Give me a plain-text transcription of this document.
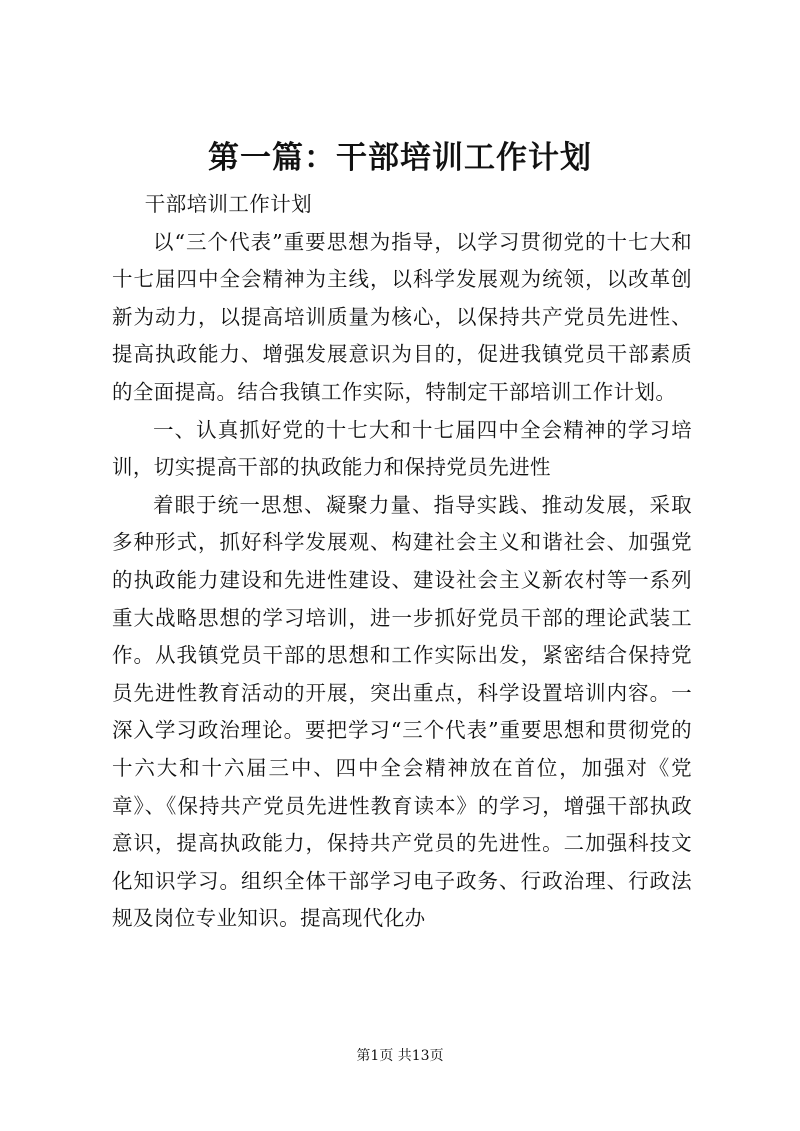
第一篇：干部培训工作计划

干部培训工作计划

以“三个代表”重要思想为指导，以学习贯彻党的十七大和十七届四中全会精神为主线，以科学发展观为统领，以改革创新为动力，以提高培训质量为核心，以保持共产党员先进性、提高执政能力、增强发展意识为目的，促进我镇党员干部素质的全面提高。结合我镇工作实际，特制定干部培训工作计划。

一、认真抓好党的十七大和十七届四中全会精神的学习培训，切实提高干部的执政能力和保持党员先进性

着眼于统一思想、凝聚力量、指导实践、推动发展，采取多种形式，抓好科学发展观、构建社会主义和谐社会、加强党的执政能力建设和先进性建设、建设社会主义新农村等一系列重大战略思想的学习培训，进一步抓好党员干部的理论武装工作。从我镇党员干部的思想和工作实际出发，紧密结合保持党员先进性教育活动的开展，突出重点，科学设置培训内容。一深入学习政治理论。要把学习“三个代表”重要思想和贯彻党的十六大和十六届三中、四中全会精神放在首位，加强对《党章》、《保持共产党员先进性教育读本》的学习，增强干部执政意识，提高执政能力，保持共产党员的先进性。二加强科技文化知识学习。组织全体干部学习电子政务、行政治理、行政法规及岗位专业知识。提高现代化办

第1页 共13页
